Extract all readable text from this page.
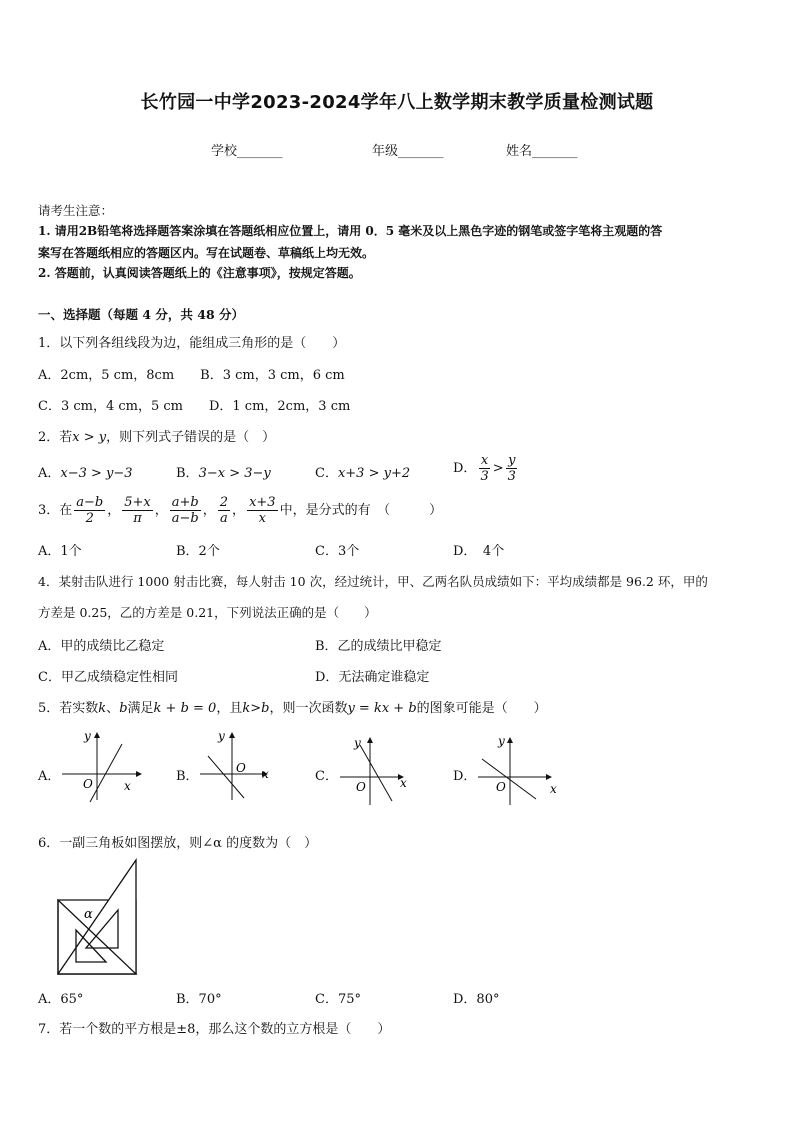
长竹园一中学2023-2024学年八上数学期末教学质量检测试题
学校_______	年级_______	姓名_______
请考生注意：
1. 请用2B铅笔将选择题答案涂填在答题纸相应位置上，请用 0．5 毫米及以上黑色字迹的钢笔或签字笔将主观题的答
案写在答题纸相应的答题区内。写在试题卷、草稿纸上均无效。
2. 答题前，认真阅读答题纸上的《注意事项》，按规定答题。
一、选择题（每题 4 分，共 48 分）
1．以下列各组线段为边，能组成三角形的是（　　）
A．2cm，5 cm，8cm　　B．3 cm，3 cm，6 cm
C．3 cm，4 cm，5 cm　　D．1 cm，2cm，3 cm
2．若x > y，则下列式子错误的是（　）
A．x−3 > y−3	B．3−x > 3−y	C．x+3 > y+2	D． $\frac{x}{3} > \frac{y}{3}$
3．在 $\frac{a-b}{2}$ ， $\frac{5+x}{\pi}$ ， $\frac{a+b}{a-b}$ ， $\frac{2}{a}$ ， $\frac{x+3}{x}$ 中，是分式的有　（　　　）
A．1个	B．2个	C．3个	D．　4个
4．某射击队进行 1000 射击比赛，每人射击 10 次，经过统计，甲、乙两名队员成绩如下：平均成绩都是 96.2 环，甲的
方差是 0.25，乙的方差是 0.21，下列说法正确的是（　　）
A．甲的成绩比乙稳定	B．乙的成绩比甲稳定
C．甲乙成绩稳定性相同	D．无法确定谁稳定
5．若实数k、b满足k + b = 0，且k>b，则一次函数y = kx + b的图象可能是（　　）
A．	B．	C．	D．
y
x
O
y
x
O
y
x
O
y
x
O
6．一副三角板如图摆放，则∠α 的度数为（　）
α
A．65°	B．70°	C．75°	D．80°
7．若一个数的平方根是±8，那么这个数的立方根是（　　）
